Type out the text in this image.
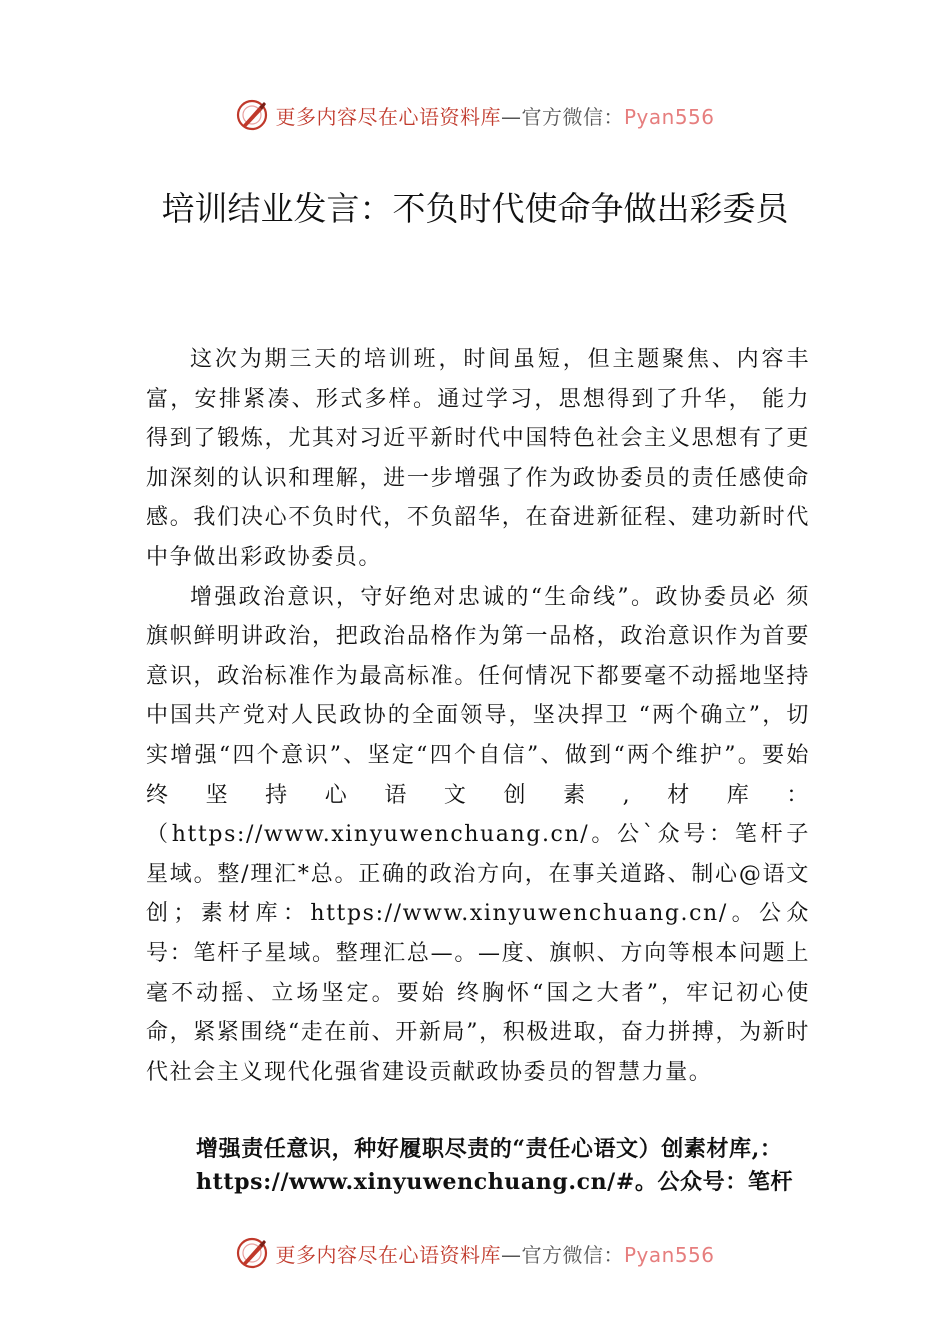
更多内容尽在心语资料库—官方微信：Pyan556
培训结业发言：不负时代使命争做出彩委员

这次为期三天的培训班，时间虽短，但主题聚焦、内容丰富，安排紧凑、形式多样。通过学习，思想得到了升华， 能力得到了锻炼，尤其对习近平新时代中国特色社会主义思想有了更加深刻的认识和理解，进一步增强了作为政协委员的责任感使命感。我们决心不负时代，不负韶华，在奋进新征程、建功新时代中争做出彩政协委员。

增强政治意识，守好绝对忠诚的“生命线”。政协委员必 须旗帜鲜明讲政治，把政治品格作为第一品格，政治意识作为首要意识，政治标准作为最高标准。任何情况下都要毫不动摇地坚持中国共产党对人民政协的全面领导，坚决捍卫 “两个确立”，切实增强“四个意识”、坚定“四个自信”、做到“两个维护”。要始终坚持心语文创素,材库：（https://www.xinyuwenchuang.cn/。公`众号：笔杆子星域。整/理汇*总。正确的政治方向，在事关道路、制心@语文创；素材库：https://www.xinyuwenchuang.cn/。公众号：笔杆子星域。整理汇总—。—度、旗帜、方向等根本问题上毫不动摇、立场坚定。要始 终胸怀“国之大者”，牢记初心使命，紧紧围绕“走在前、开新局”，积极进取，奋力拼搏，为新时代社会主义现代化强省建设贡献政协委员的智慧力量。

增强责任意识，种好履职尽责的“责任心语文）创素材库,：https://www.xinyuwenchuang.cn/#。公众号：笔杆
更多内容尽在心语资料库—官方微信：Pyan556
